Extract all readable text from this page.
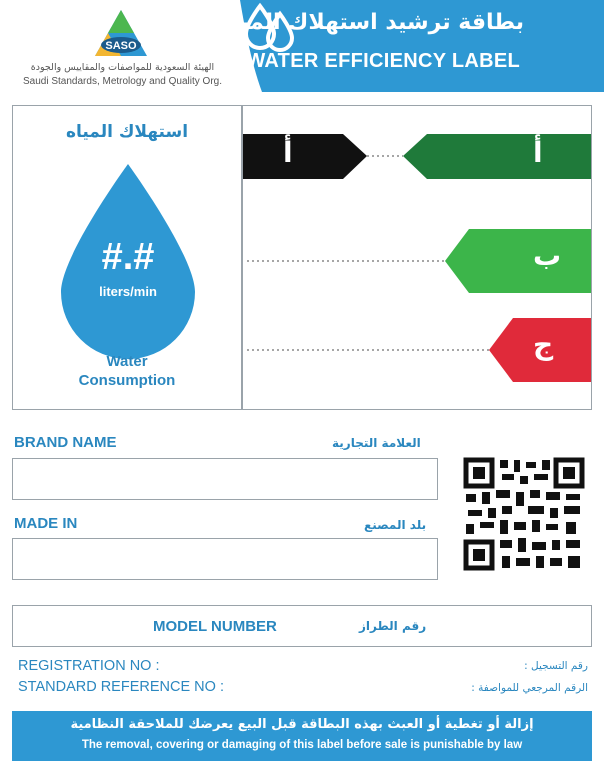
SASO
الهيئة السعودية للمواصفات والمقاييس والجودة
Saudi Standards, Metrology and Quality Org.
بطاقة ترشيد استهلاك المياه
WATER EFFICIENCY LABEL
استهلاك المياه
#.#
liters/min
Water
Consumption
أ	أ
ب
ج
BRAND NAME	العلامة التجارية
MADE IN	بلد المصنع
MODEL NUMBER	رقم الطراز
REGISTRATION NO :	رقم التسجيل :
STANDARD REFERENCE NO :	الرقم المرجعي للمواصفة :
إزالة أو تغطية أو العبث بهذه البطاقة قبل البيع يعرضك للملاحقة النظامية
The removal, covering or damaging of this label before sale is punishable by law
